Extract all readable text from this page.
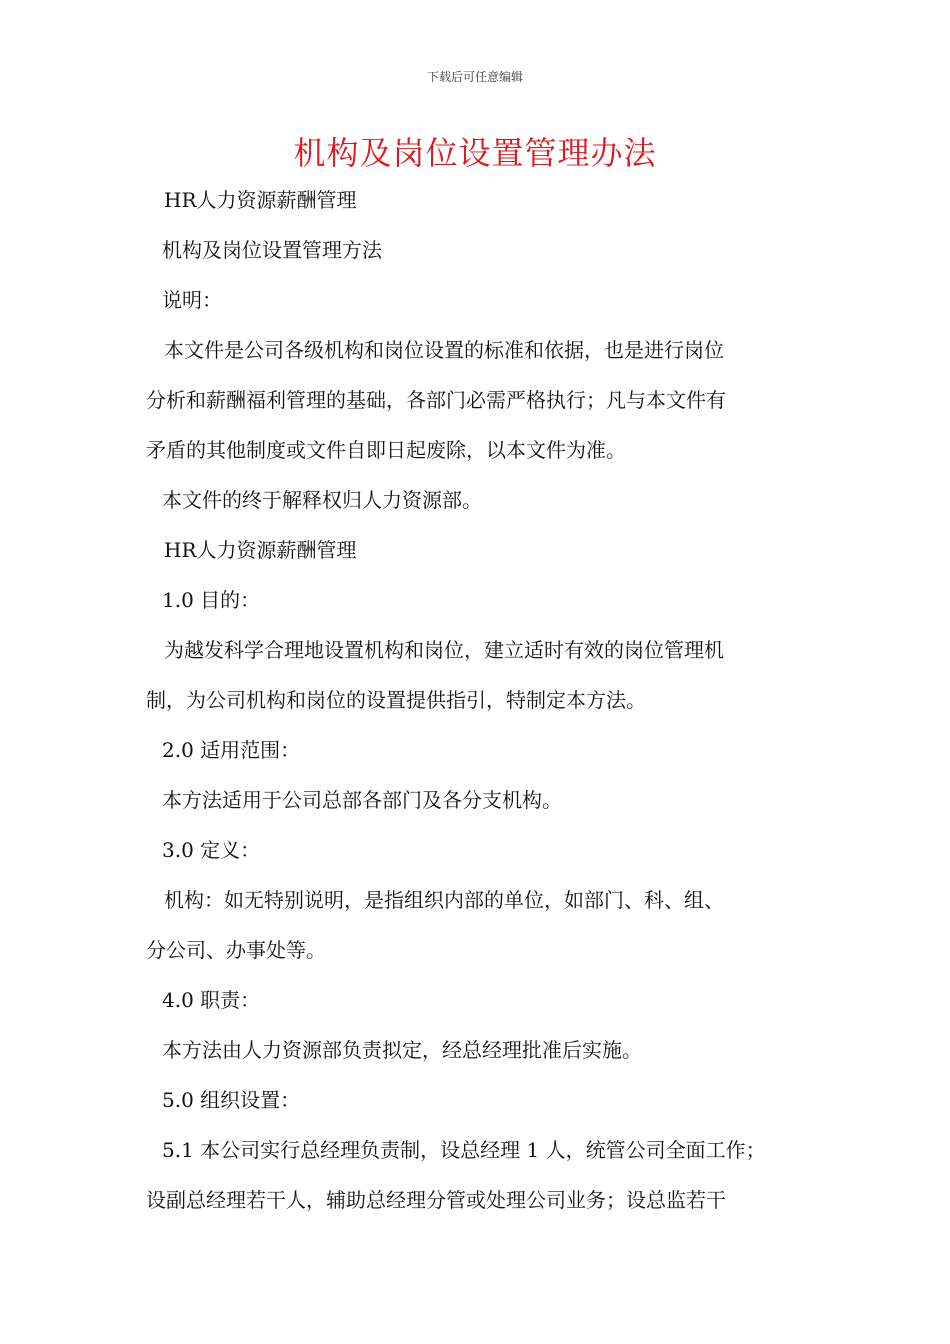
下载后可任意编辑
机构及岗位设置管理办法
HR人力资源薪酬管理
机构及岗位设置管理方法
说明：
本文件是公司各级机构和岗位设置的标准和依据，也是进行岗位
分析和薪酬福利管理的基础，各部门必需严格执行；凡与本文件有
矛盾的其他制度或文件自即日起废除，以本文件为准。
本文件的终于解释权归人力资源部。
HR人力资源薪酬管理
1.0 目的：
为越发科学合理地设置机构和岗位，建立适时有效的岗位管理机
制，为公司机构和岗位的设置提供指引，特制定本方法。
2.0 适用范围：
本方法适用于公司总部各部门及各分支机构。
3.0 定义：
机构：如无特别说明，是指组织内部的单位，如部门、科、组、
分公司、办事处等。
4.0 职责：
本方法由人力资源部负责拟定，经总经理批准后实施。
5.0 组织设置：
5.1 本公司实行总经理负责制，设总经理 1 人，统管公司全面工作；
设副总经理若干人，辅助总经理分管或处理公司业务；设总监若干
